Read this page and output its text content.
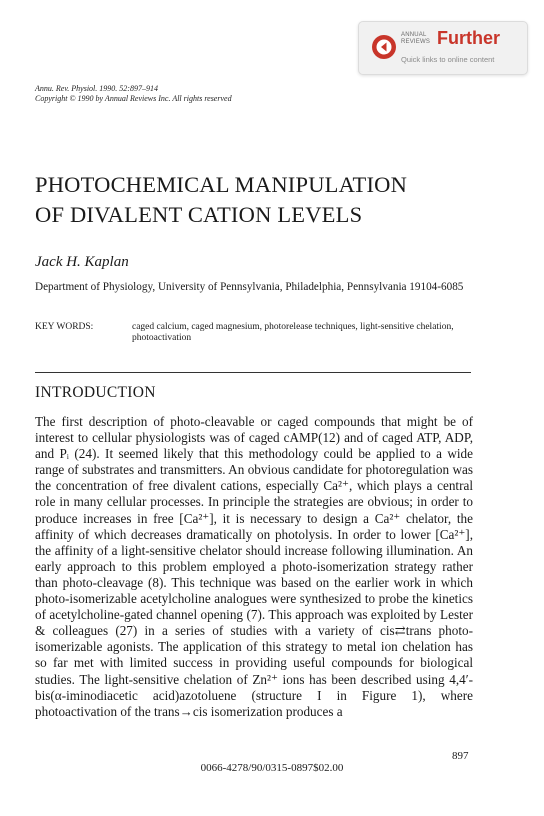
ANNUAL
REVIEWS Further
Quick links to online content
Annu. Rev. Physiol. 1990. 52:897–914
Copyright © 1990 by Annual Reviews Inc. All rights reserved
PHOTOCHEMICAL MANIPULATION
OF DIVALENT CATION LEVELS
Jack H. Kaplan
Department of Physiology, University of Pennsylvania, Philadelphia, Pennsylvania 19104-6085
KEY WORDS:	caged calcium, caged magnesium, photorelease techniques, light-sensitive chelation, photoactivation
INTRODUCTION

The first description of photo-cleavable or caged compounds that might be of interest to cellular physiologists was of caged cAMP(12) and of caged ATP, ADP, and Pᵢ (24). It seemed likely that this methodology could be applied to a wide range of substrates and transmitters. An obvious candidate for photoregulation was the concentration of free divalent cations, especially Ca²⁺, which plays a central role in many cellular processes. In principle the strategies are obvious; in order to produce increases in free [Ca²⁺], it is necessary to design a Ca²⁺ chelator, the affinity of which decreases dramatically on photolysis. In order to lower [Ca²⁺], the affinity of a light-sensitive chelator should increase following illumination. An early approach to this problem employed a photo-isomerization strategy rather than photo-cleavage (8). This technique was based on the earlier work in which photo-isomerizable acetylcholine analogues were synthesized to probe the kinetics of acetylcholine-gated channel opening (7). This approach was exploited by Lester & colleagues (27) in a series of studies with a variety of cis⇄trans photo-isomerizable agonists. The application of this strategy to metal ion chelation has so far met with limited success in providing useful compounds for biological studies. The light-sensitive chelation of Zn²⁺ ions has been described using 4,4′-bis(α-iminodiacetic acid)azotoluene (structure I in Figure 1), where photoactivation of the trans→cis isomerization produces a

897
0066-4278/90/0315-0897$02.00
